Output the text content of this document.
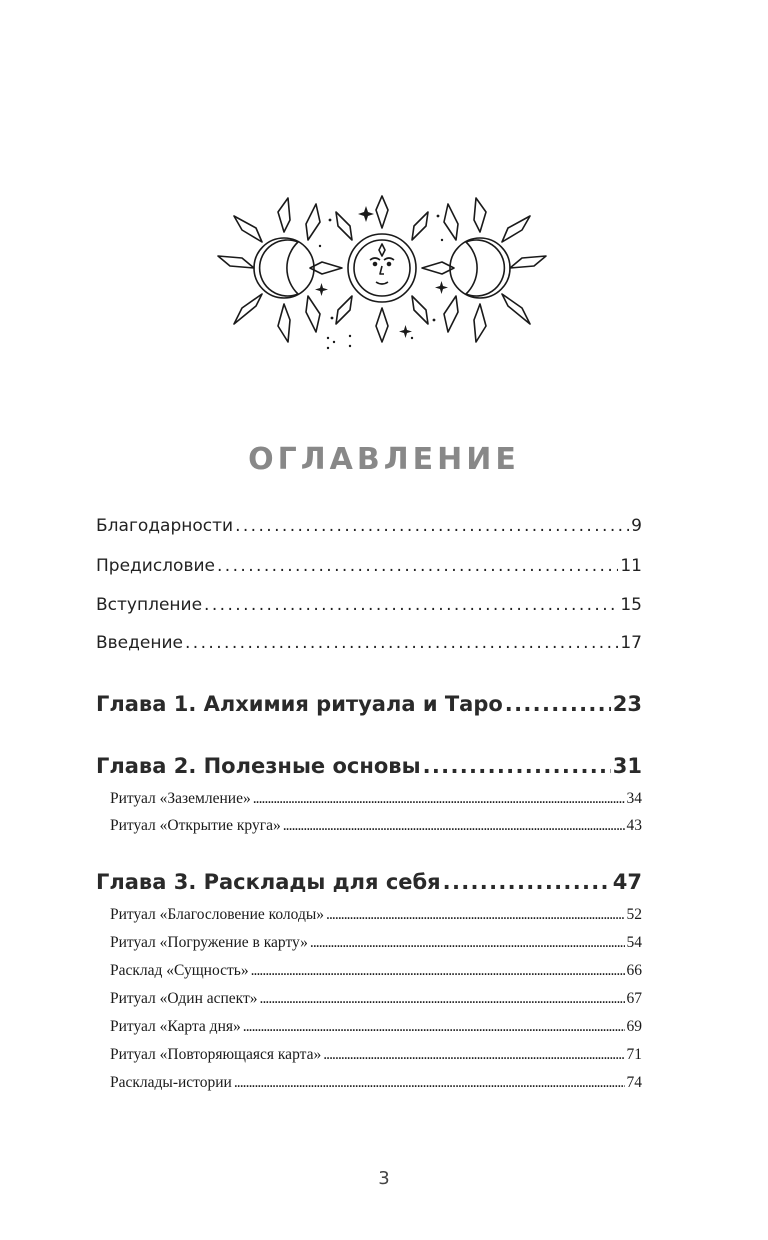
ОГЛАВЛЕНИЕ
Благодарности . . .	9
Предисловие . . .	11
Вступление . . .	15
Введение . . .	17
Глава 1. Алхимия ритуала и Таро . . .	23
Глава 2. Полезные основы . . .	31
Ритуал «Заземление» . . .	34
Ритуал «Открытие круга» . . .	43
Глава 3. Расклады для себя . . .	47
Ритуал «Благословение колоды» . . .	52
Ритуал «Погружение в карту» . . .	54
Расклад «Сущность» . . .	66
Ритуал «Один аспект» . . .	67
Ритуал «Карта дня» . . .	69
Ритуал «Повторяющаяся карта» . . .	71
Расклады-истории . . .	74
3
